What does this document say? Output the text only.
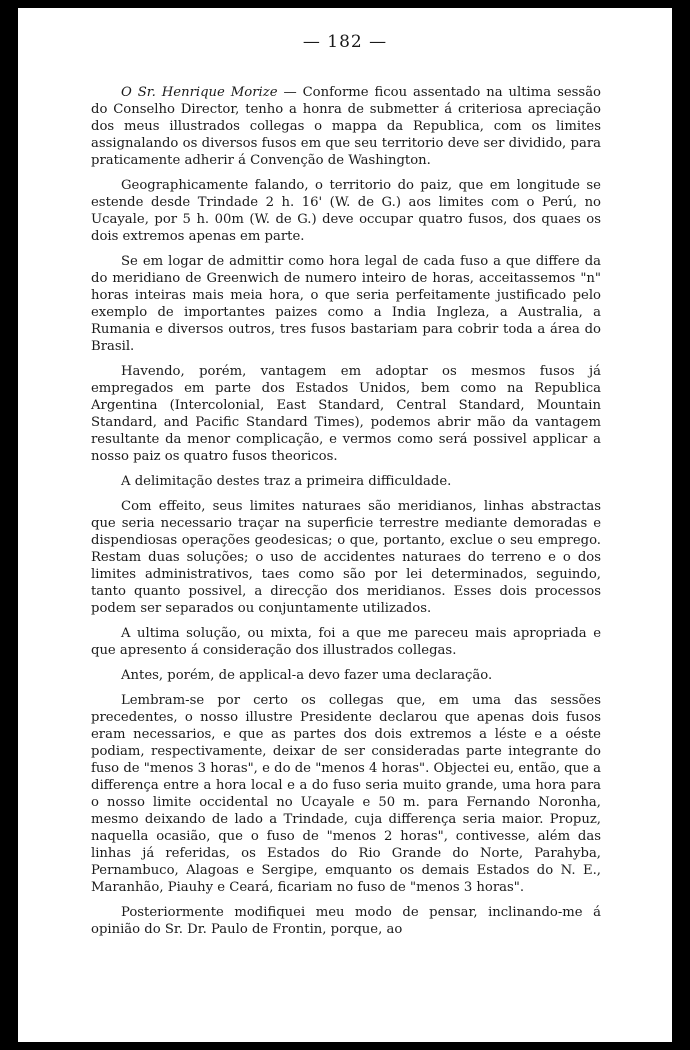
— 182 —

O Sr. Henrique Morize — Conforme ficou assentado na ultima sessão do Conselho Director, tenho a honra de submetter á criteriosa apreciação dos meus illustrados collegas o mappa da Republica, com os limites assignalando os diversos fusos em que seu territorio deve ser dividido, para praticamente adherir á Convenção de Washington.

Geographicamente falando, o territorio do paiz, que em longitude se estende desde Trindade 2 h. 16' (W. de G.) aos limites com o Perú, no Ucayale, por 5 h. 00m (W. de G.) deve occupar quatro fusos, dos quaes os dois extremos apenas em parte.

Se em logar de admittir como hora legal de cada fuso a que differe da do meridiano de Greenwich de numero inteiro de horas, acceitassemos "n" horas inteiras mais meia hora, o que seria perfeitamente justificado pelo exemplo de importantes paizes como a India Ingleza, a Australia, a Rumania e diversos outros, tres fusos bastariam para cobrir toda a área do Brasil.

Havendo, porém, vantagem em adoptar os mesmos fusos já empregados em parte dos Estados Unidos, bem como na Republica Argentina (Intercolonial, East Standard, Central Standard, Mountain Standard, and Pacific Standard Times), podemos abrir mão da vantagem resultante da menor complicação, e vermos como será possivel applicar a nosso paiz os quatro fusos theoricos.

A delimitação destes traz a primeira difficuldade.

Com effeito, seus limites naturaes são meridianos, linhas abstractas que seria necessario traçar na superficie terrestre mediante demoradas e dispendiosas operações geodesicas; o que, portanto, exclue o seu emprego. Restam duas soluções; o uso de accidentes naturaes do terreno e o dos limites administrativos, taes como são por lei determinados, seguindo, tanto quanto possivel, a direcção dos meridianos. Esses dois processos podem ser separados ou conjuntamente utilizados.

A ultima solução, ou mixta, foi a que me pareceu mais apropriada e que apresento á consideração dos illustrados collegas.

Antes, porém, de applical-a devo fazer uma declaração.

Lembram-se por certo os collegas que, em uma das sessões precedentes, o nosso illustre Presidente declarou que apenas dois fusos eram necessarios, e que as partes dos dois extremos a léste e a oéste podiam, respectivamente, deixar de ser consideradas parte integrante do fuso de "menos 3 horas", e do de "menos 4 horas". Objectei eu, então, que a differença entre a hora local e a do fuso seria muito grande, uma hora para o nosso limite occidental no Ucayale e 50 m. para Fernando Noronha, mesmo deixando de lado a Trindade, cuja differença seria maior. Propuz, naquella ocasião, que o fuso de "menos 2 horas", contivesse, além das linhas já referidas, os Estados do Rio Grande do Norte, Parahyba, Pernambuco, Alagoas e Sergipe, emquanto os demais Estados do N. E., Maranhão, Piauhy e Ceará, ficariam no fuso de "menos 3 horas".

Posteriormente modifiquei meu modo de pensar, inclinando-me á opinião do Sr. Dr. Paulo de Frontin, porque, ao
